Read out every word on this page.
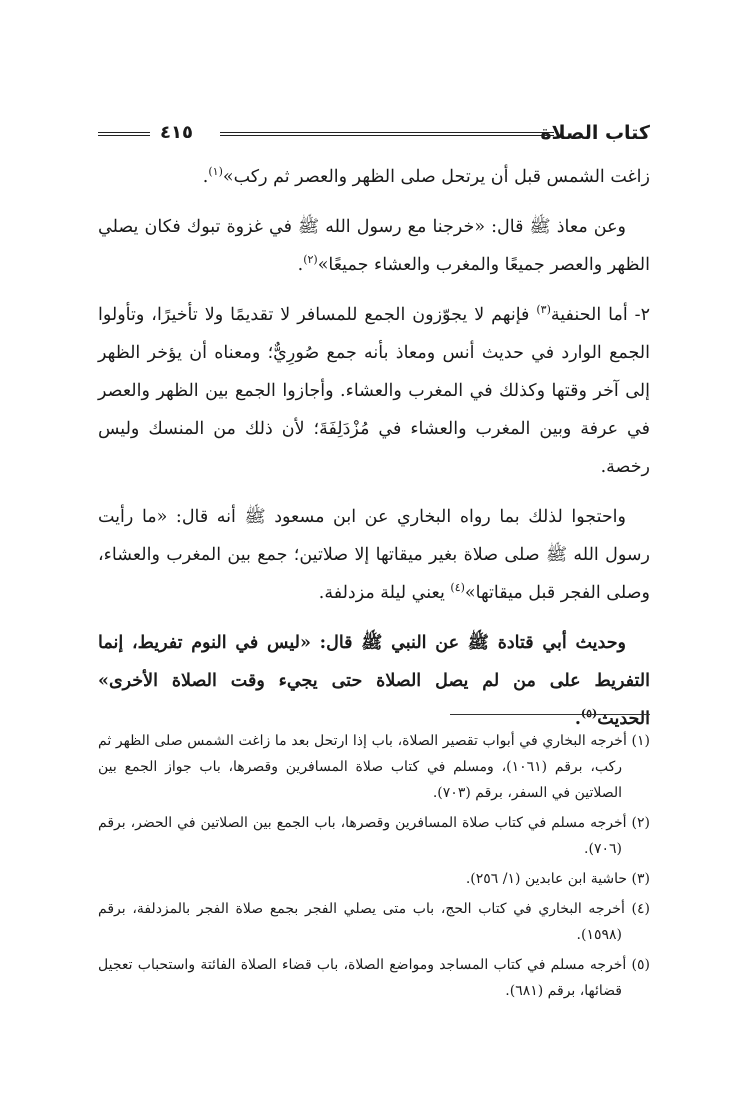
كتاب الصلاة
٤١٥

زاغت الشمس قبل أن يرتحل صلى الظهر والعصر ثم ركب»$^{(١)}$.

وعن معاذ ﷺ قال: «خرجنا مع رسول الله ﷺ في غزوة تبوك فكان يصلي الظهر والعصر جميعًا والمغرب والعشاء جميعًا»$^{(٢)}$.

٢- أما الحنفية$^{(٣)}$ فإنهم لا يجوّزون الجمع للمسافر لا تقديمًا ولا تأخيرًا، وتأولوا الجمع الوارد في حديث أنس ومعاذ بأنه جمع صُورِيٌّ؛ ومعناه أن يؤخر الظهر إلى آخر وقتها وكذلك في المغرب والعشاء. وأجازوا الجمع بين الظهر والعصر في عرفة وبين المغرب والعشاء في مُزْدَلِفَةَ؛ لأن ذلك من المنسك وليس رخصة.

واحتجوا لذلك بما رواه البخاري عن ابن مسعود ﷺ أنه قال: «ما رأيت رسول الله ﷺ صلى صلاة بغير ميقاتها إلا صلاتين؛ جمع بين المغرب والعشاء، وصلى الفجر قبل ميقاتها»$^{(٤)}$ يعني ليلة مزدلفة.

وحديث أبي قتادة ﷺ عن النبي ﷺ قال: «ليس في النوم تفريط، إنما التفريط على من لم يصل الصلاة حتى يجيء وقت الصلاة الأخرى» الحديث$^{(٥)}$.

(١) أخرجه البخاري في أبواب تقصير الصلاة، باب إذا ارتحل بعد ما زاغت الشمس صلى الظهر ثم ركب، برقم (١٠٦١)، ومسلم في كتاب صلاة المسافرين وقصرها، باب جواز الجمع بين الصلاتين في السفر، برقم (٧٠٣).

(٢) أخرجه مسلم في كتاب صلاة المسافرين وقصرها، باب الجمع بين الصلاتين في الحضر، برقم (٧٠٦).

(٣) حاشية ابن عابدين (١/ ٢٥٦).

(٤) أخرجه البخاري في كتاب الحج، باب متى يصلي الفجر بجمع صلاة الفجر بالمزدلفة، برقم (١٥٩٨).

(٥) أخرجه مسلم في كتاب المساجد ومواضع الصلاة، باب قضاء الصلاة الفائتة واستحباب تعجيل قضائها، برقم (٦٨١).
